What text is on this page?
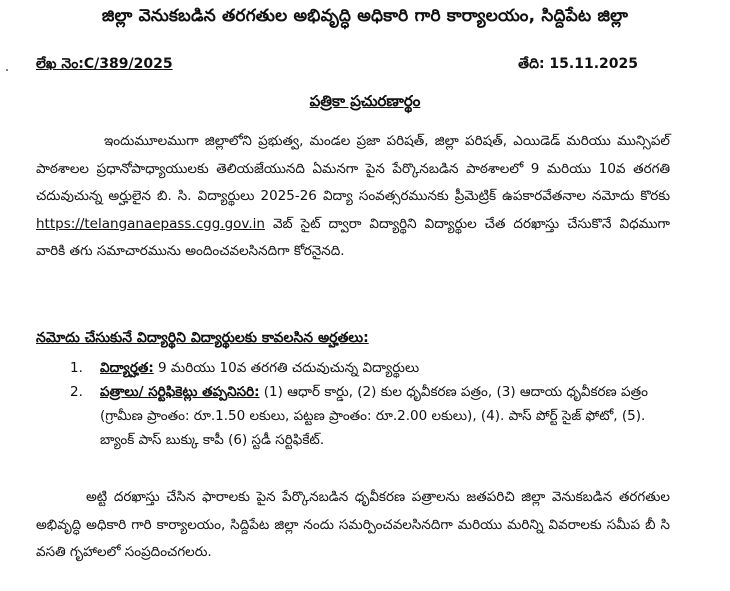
జిల్లా వెనుకబడిన తరగతుల అభివృద్ధి అధికారి గారి కార్యాలయం, సిద్దిపేట జిల్లా
లేఖ నెం:C/389/2025	తేది: 15.11.2025
పత్రికా ప్రచురణార్థం
ఇందుమూలముగా జిల్లాలోని ప్రభుత్వ, మండల ప్రజా పరిషత్, జిల్లా పరిషత్, ఎయిడెడ్ మరియు మున్సిపల్ పాఠశాలల ప్రధానోపాధ్యాయులకు తెలియజేయునది ఏమనగా పైన పేర్కొనబడిన పాఠశాలలో 9 మరియు 10వ తరగతి చదువుచున్న అర్హులైన బి. సి. విద్యార్థులు 2025-26 విద్యా సంవత్సరమునకు ప్రీమెట్రిక్ ఉపకారవేతనాల నమోదు కొరకు https://telanganaepass.cgg.gov.in వెబ్ సైట్ ద్వారా విద్యార్థిని విద్యార్థుల చేత దరఖాస్తు చేసుకొనే విధముగా వారికి తగు సమాచారమును అందించవలసినదిగా కోరనైనది.
నమోదు చేసుకునే విద్యార్థిని విద్యార్థులకు కావలసిన అర్హతలు:
1. విద్యార్హత: 9 మరియు 10వ తరగతి చదువుచున్న విద్యార్థులు
2. పత్రాలు/ సర్టిఫికెట్లు తప్పనిసరి: (1) ఆధార్ కార్డు, (2) కుల ధృవీకరణ పత్రం, (3) ఆదాయ ధృవీకరణ పత్రం (గ్రామీణ ప్రాంతం: రూ.1.50 లకులు, పట్టణ ప్రాంతం: రూ.2.00 లకులు), (4). పాస్ పోర్ట్ సైజ్ ఫోటో, (5). బ్యాంక్ పాస్ బుక్కు కాపీ (6) స్టడీ సర్టిఫికేట్.
అట్టి దరఖాస్తు చేసిన ఫారాలకు పైన పేర్కొనబడిన ధృవీకరణ పత్రాలను జతపరిచి జిల్లా వెనుకబడిన తరగతుల అభివృద్ధి అధికారి గారి కార్యాలయం, సిద్దిపేట జిల్లా నందు సమర్పించవలసినదిగా మరియు మరిన్ని వివరాలకు సమీప బీ సి వసతి గృహాలలో సంప్రదించగలరు.
